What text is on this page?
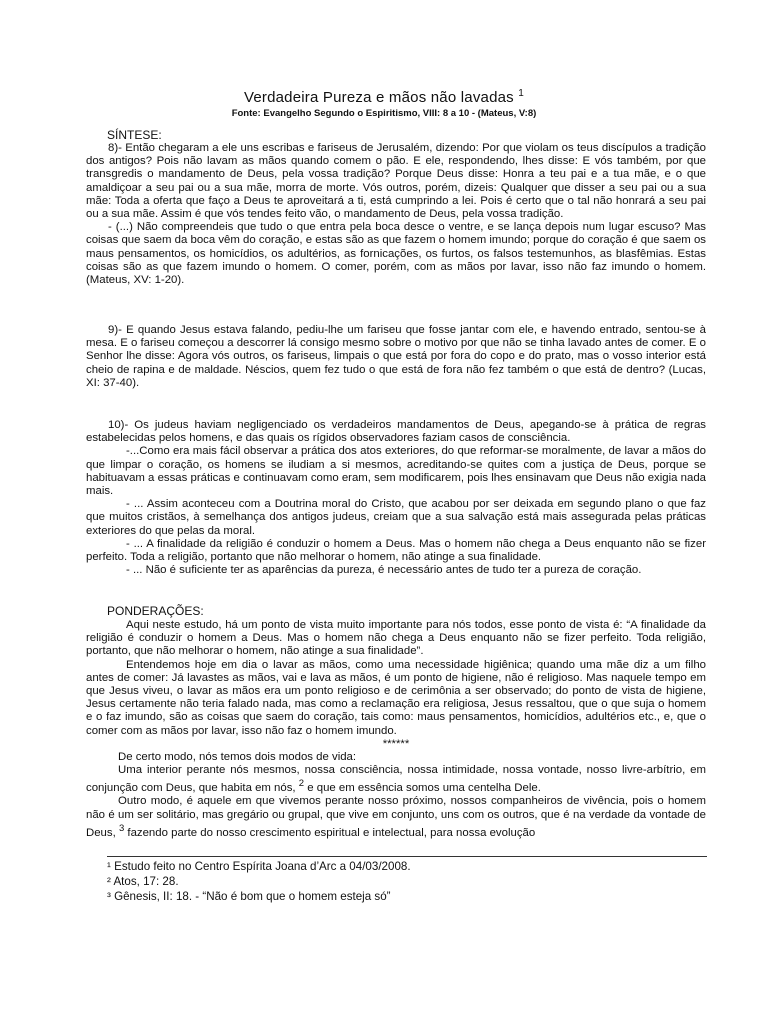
Verdadeira Pureza e mãos não lavadas $^1$
Fonte: Evangelho Segundo o Espiritismo, VIII: 8 a 10 - (Mateus, V:8)
SÍNTESE:

8)- Então chegaram a ele uns escribas e fariseus de Jerusalém, dizendo: Por que violam os teus discípulos a tradição dos antigos? Pois não lavam as mãos quando comem o pão. E ele, respondendo, lhes disse: E vós também, por que transgredis o mandamento de Deus, pela vossa tradição? Porque Deus disse: Honra a teu pai e a tua mãe, e o que amaldiçoar a seu pai ou a sua mãe, morra de morte. Vós outros, porém, dizeis: Qualquer que disser a seu pai ou a sua mãe: Toda a oferta que faço a Deus te aproveitará a ti, está cumprindo a lei. Pois é certo que o tal não honrará a seu pai ou a sua mãe. Assim é que vós tendes feito vão, o mandamento de Deus, pela vossa tradição.

- (...) Não compreendeis que tudo o que entra pela boca desce o ventre, e se lança depois num lugar escuso? Mas coisas que saem da boca vêm do coração, e estas são as que fazem o homem imundo; porque do coração é que saem os maus pensamentos, os homicídios, os adultérios, as fornicações, os furtos, os falsos testemunhos, as blasfêmias. Estas coisas são as que fazem imundo o homem. O comer, porém, com as mãos por lavar, isso não faz imundo o homem. (Mateus, XV: 1-20).

9)- E quando Jesus estava falando, pediu-lhe um fariseu que fosse jantar com ele, e havendo entrado, sentou-se à mesa. E o fariseu começou a descorrer lá consigo mesmo sobre o motivo por que não se tinha lavado antes de comer. E o Senhor lhe disse: Agora vós outros, os fariseus, limpais o que está por fora do copo e do prato, mas o vosso interior está cheio de rapina e de maldade. Néscios, quem fez tudo o que está de fora não fez também o que está de dentro? (Lucas, XI: 37-40).

10)- Os judeus haviam negligenciado os verdadeiros mandamentos de Deus, apegando-se à prática de regras estabelecidas pelos homens, e das quais os rígidos observadores faziam casos de consciência.

-...Como era mais fácil observar a prática dos atos exteriores, do que reformar-se moralmente, de lavar a mãos do que limpar o coração, os homens se iludiam a si mesmos, acreditando-se quites com a justiça de Deus, porque se habituavam a essas práticas e continuavam como eram, sem modificarem, pois lhes ensinavam que Deus não exigia nada mais.

- ... Assim aconteceu com a Doutrina moral do Cristo, que acabou por ser deixada em segundo plano o que faz que muitos cristãos, à semelhança dos antigos judeus, creiam que a sua salvação está mais assegurada pelas práticas exteriores do que pelas da moral.

- ... A finalidade da religião é conduzir o homem a Deus. Mas o homem não chega a Deus enquanto não se fizer perfeito. Toda a religião, portanto que não melhorar o homem, não atinge a sua finalidade.

- ... Não é suficiente ter as aparências da pureza, é necessário antes de tudo ter a pureza de coração.

PONDERAÇÕES:

Aqui neste estudo, há um ponto de vista muito importante para nós todos, esse ponto de vista é: “A finalidade da religião é conduzir o homem a Deus. Mas o homem não chega a Deus enquanto não se fizer perfeito. Toda religião, portanto, que não melhorar o homem, não atinge a sua finalidade”.

Entendemos hoje em dia o lavar as mãos, como uma necessidade higiênica; quando uma mãe diz a um filho antes de comer: Já lavastes as mãos, vai e lava as mãos, é um ponto de higiene, não é religioso. Mas naquele tempo em que Jesus viveu, o lavar as mãos era um ponto religioso e de cerimônia a ser observado; do ponto de vista de higiene, Jesus certamente não teria falado nada, mas como a reclamação era religiosa, Jesus ressaltou, que o que suja o homem e o faz imundo, são as coisas que saem do coração, tais como: maus pensamentos, homicídios, adultérios etc., e, que o comer com as mãos por lavar, isso não faz o homem imundo.

******

De certo modo, nós temos dois modos de vida:

Uma interior perante nós mesmos, nossa consciência, nossa intimidade, nossa vontade, nosso livre-arbítrio, em conjunção com Deus, que habita em nós, $^2$ e que em essência somos uma centelha Dele.

Outro modo, é aquele em que vivemos perante nosso próximo, nossos companheiros de vivência, pois o homem não é um ser solitário, mas gregário ou grupal, que vive em conjunto, uns com os outros, que é na verdade da vontade de Deus, $^3$ fazendo parte do nosso crescimento espiritual e intelectual, para nossa evolução

¹ Estudo feito no Centro Espírita Joana d’Arc a 04/03/2008.

² Atos, 17: 28.

³ Gênesis, II: 18. - “Não é bom que o homem esteja só”
